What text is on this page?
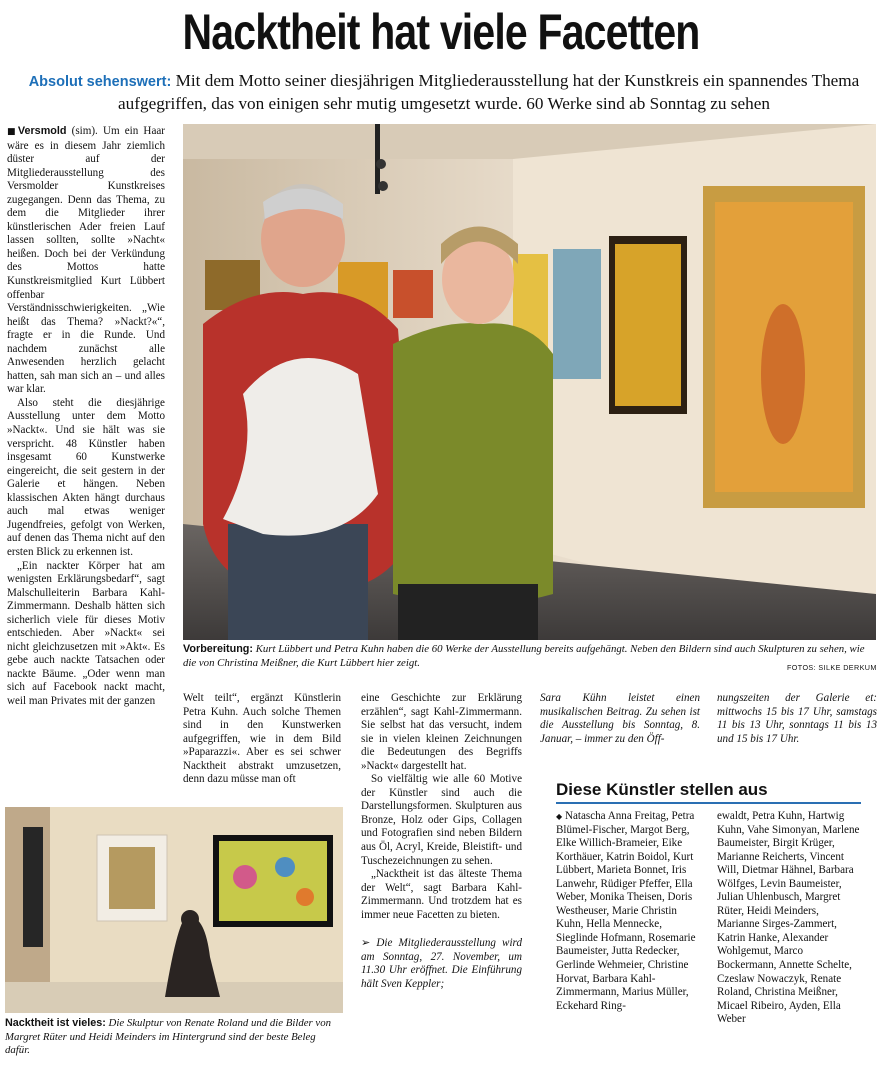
Nacktheit hat viele Facetten
Absolut sehenswert: Mit dem Motto seiner diesjährigen Mitgliederausstellung hat der Kunstkreis ein spannendes Thema aufgegriffen, das von einigen sehr mutig umgesetzt wurde. 60 Werke sind ab Sonntag zu sehen

■Versmold (sim). Um ein Haar wäre es in diesem Jahr ziemlich düster auf der Mitgliederausstellung des Versmolder Kunstkreises zugegangen. Denn das Thema, zu dem die Mitglieder ihrer künstlerischen Ader freien Lauf lassen sollten, sollte »Nacht« heißen. Doch bei der Verkündung des Mottos hatte Kunstkreismitglied Kurt Lübbert offenbar Verständnisschwierigkeiten. „Wie heißt das Thema? »Nackt?«“, fragte er in die Runde. Und nachdem zunächst alle Anwesenden herzlich gelacht hatten, sah man sich an – und alles war klar.

Also steht die diesjährige Ausstellung unter dem Motto »Nackt«. Und sie hält was sie verspricht. 48 Künstler haben insgesamt 60 Kunstwerke eingereicht, die seit gestern in der Galerie et hängen. Neben klassischen Akten hängt durchaus auch mal etwas weniger Jugendfreies, gefolgt von Werken, auf denen das Thema nicht auf den ersten Blick zu erkennen ist.

„Ein nackter Körper hat am wenigsten Erklärungsbedarf“, sagt Malschulleiterin Barbara Kahl-Zimmermann. Deshalb hätten sich sicherlich viele für dieses Motiv entschieden. Aber »Nackt« sei nicht gleichzusetzen mit »Akt«. Es gebe auch nackte Tatsachen oder nackte Bäume. „Oder wenn man sich auf Facebook nackt macht, weil man Privates mit der ganzen

Vorbereitung: Kurt Lübbert und Petra Kuhn haben die 60 Werke der Ausstellung bereits aufgehängt. Neben den Bildern sind auch Skulpturen zu sehen, wie die von Christina Meißner, die Kurt Lübbert hier zeigt.	FOTOS: SILKE DERKUM

Welt teilt“, ergänzt Künstlerin Petra Kuhn. Auch solche Themen sind in den Kunstwerken aufgegriffen, wie in dem Bild »Paparazzi«. Aber es sei schwer Nacktheit abstrakt umzusetzen, denn dazu müsse man oft

eine Geschichte zur Erklärung erzählen“, sagt Kahl-Zimmermann. Sie selbst hat das versucht, indem sie in vielen kleinen Zeichnungen die Bedeutungen des Begriffs »Nackt« dargestellt hat.

So vielfältig wie alle 60 Motive der Künstler sind auch die Darstellungsformen. Skulpturen aus Bronze, Holz oder Gips, Collagen und Fotografien sind neben Bildern aus Öl, Acryl, Kreide, Bleistift- und Tuschezeichnungen zu sehen.

„Nacktheit ist das älteste Thema der Welt“, sagt Barbara Kahl-Zimmermann. Und trotzdem hat es immer neue Facetten zu bieten.

➢ Die Mitgliederausstellung wird am Sonntag, 27. November, um 11.30 Uhr eröffnet. Die Einführung hält Sven Keppler;

Sara Kühn leistet einen musikalischen Beitrag. Zu sehen ist die Ausstellung bis Sonntag, 8. Januar, – immer zu den Öff-

nungszeiten der Galerie et: mittwochs 15 bis 17 Uhr, samstags 11 bis 13 Uhr, sonntags 11 bis 13 und 15 bis 17 Uhr.

Nacktheit ist vieles: Die Skulptur von Renate Roland und die Bilder von Margret Rüter und Heidi Meinders im Hintergrund sind der beste Beleg dafür.
Diese Künstler stellen aus
◆ Natascha Anna Freitag, Petra Blümel-Fischer, Margot Berg, Elke Willich-Brameier, Eike Korthäuer, Katrin Boidol, Kurt Lübbert, Marieta Bonnet, Iris Lanwehr, Rüdiger Pfeffer, Ella Weber, Monika Theisen, Doris Westheuser, Marie Christin Kuhn, Hella Mennecke, Sieglinde Hofmann, Rosemarie Baumeister, Jutta Redecker, Gerlinde Wehmeier, Christine Horvat, Barbara Kahl-Zimmermann, Marius Müller, Eckehard Ring-
ewaldt, Petra Kuhn, Hartwig Kuhn, Vahe Simonyan, Marlene Baumeister, Birgit Krüger, Marianne Reicherts, Vincent Will, Dietmar Hähnel, Barbara Wölfges, Levin Baumeister, Julian Uhlenbusch, Margret Rüter, Heidi Meinders, Marianne Sirges-Zammert, Katrin Hanke, Alexander Wohlgemut, Marco Bockermann, Annette Schelte, Czeslaw Nowaczyk, Renate Roland, Christina Meißner, Micael Ribeiro, Ayden, Ella Weber
